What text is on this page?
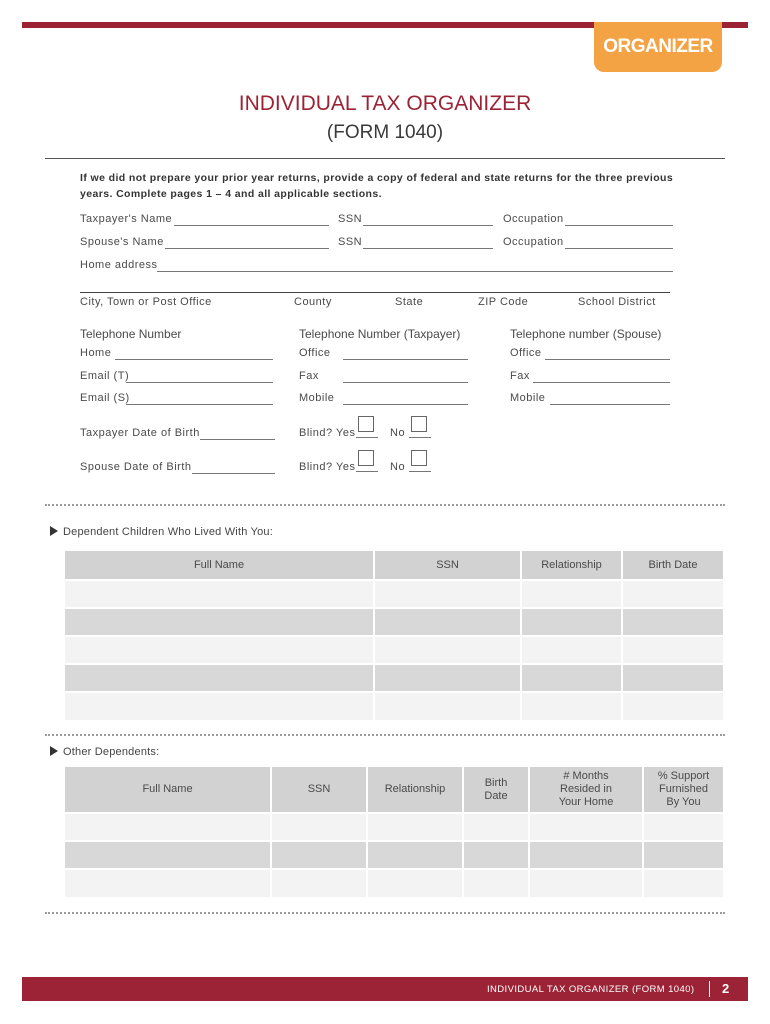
ORGANIZER
INDIVIDUAL TAX ORGANIZER
(FORM 1040)
If we did not prepare your prior year returns, provide a copy of federal and state returns for the three previous years. Complete pages 1 – 4 and all applicable sections.
Taxpayer's Name	SSN	Occupation
Spouse's Name	SSN	Occupation
Home address
City, Town or Post Office	County	State	ZIP Code	School District
Telephone Number	Telephone Number (Taxpayer)	Telephone number (Spouse)
Home	Office	Office
Email (T)	Fax	Fax
Email (S)	Mobile	Mobile
Taxpayer Date of Birth	Blind? Yes	No
Spouse Date of Birth	Blind? Yes	No
Dependent Children Who Lived With You:
Full Name	SSN	Relationship	Birth Date

Other Dependents:
Full Name	SSN	Relationship	Birth Date	# Months Resided in Your Home	% Support Furnished By You

INDIVIDUAL TAX ORGANIZER (FORM 1040) 2
